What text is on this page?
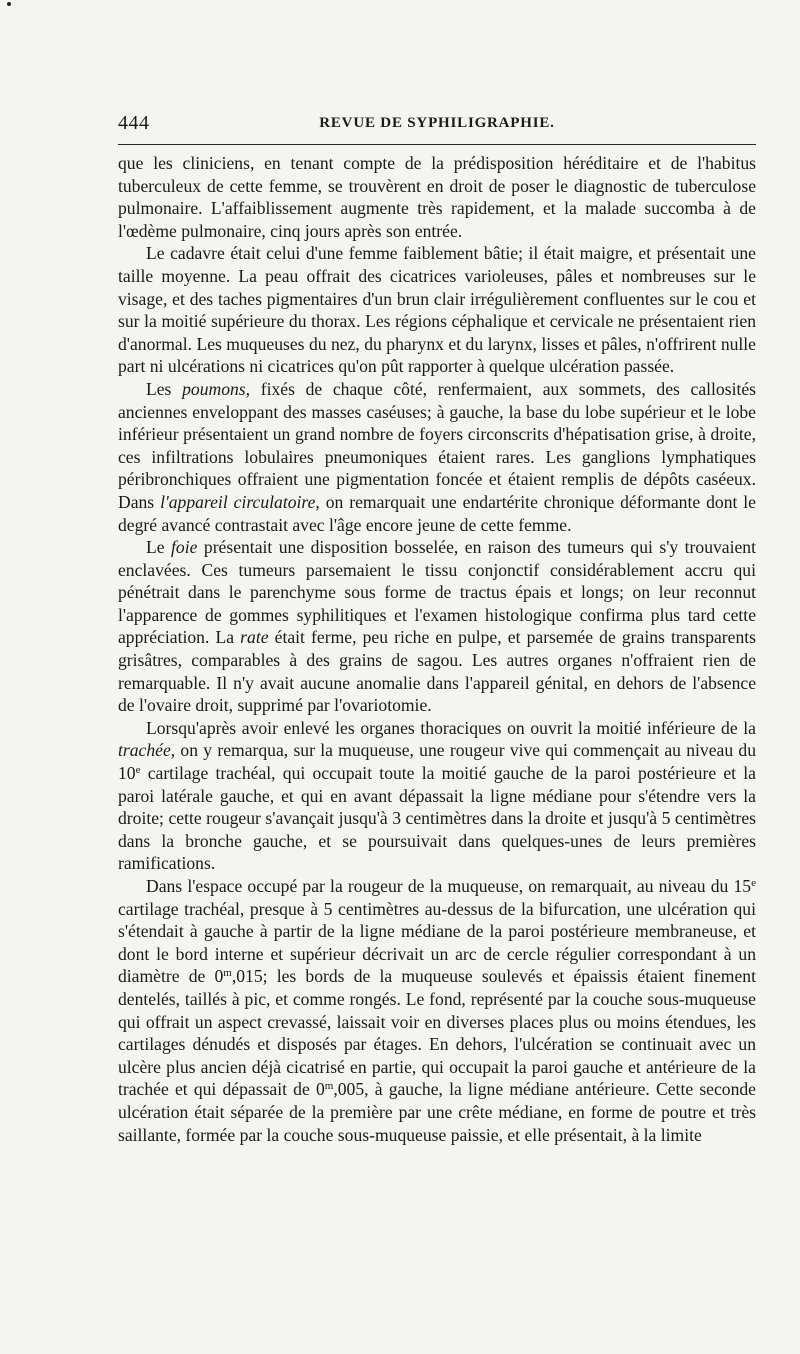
444	REVUE DE SYPHILIGRAPHIE.

que les cliniciens, en tenant compte de la prédisposition héréditaire et de l'habitus tuberculeux de cette femme, se trouvèrent en droit de poser le diagnostic de tuberculose pulmonaire. L'affaiblissement augmente très rapidement, et la malade succomba à de l'œdème pulmonaire, cinq jours après son entrée.

Le cadavre était celui d'une femme faiblement bâtie; il était maigre, et présentait une taille moyenne. La peau offrait des cicatrices varioleuses, pâles et nombreuses sur le visage, et des taches pigmentaires d'un brun clair irrégulièrement confluentes sur le cou et sur la moitié supérieure du thorax. Les régions céphalique et cervicale ne présentaient rien d'anormal. Les muqueuses du nez, du pharynx et du larynx, lisses et pâles, n'offrirent nulle part ni ulcérations ni cicatrices qu'on pût rapporter à quelque ulcération passée.

Les poumons, fixés de chaque côté, renfermaient, aux sommets, des callosités anciennes enveloppant des masses caséuses; à gauche, la base du lobe supérieur et le lobe inférieur présentaient un grand nombre de foyers circonscrits d'hépatisation grise, à droite, ces infiltrations lobulaires pneumoniques étaient rares. Les ganglions lymphatiques péribronchiques offraient une pigmentation foncée et étaient remplis de dépôts caséeux. Dans l'appareil circulatoire, on remarquait une endartérite chronique déformante dont le degré avancé contrastait avec l'âge encore jeune de cette femme.

Le foie présentait une disposition bosselée, en raison des tumeurs qui s'y trouvaient enclavées. Ces tumeurs parsemaient le tissu conjonctif considérablement accru qui pénétrait dans le parenchyme sous forme de tractus épais et longs; on leur reconnut l'apparence de gommes syphilitiques et l'examen histologique confirma plus tard cette appréciation. La rate était ferme, peu riche en pulpe, et parsemée de grains transparents grisâtres, comparables à des grains de sagou. Les autres organes n'offraient rien de remarquable. Il n'y avait aucune anomalie dans l'appareil génital, en dehors de l'absence de l'ovaire droit, supprimé par l'ovariotomie.

Lorsqu'après avoir enlevé les organes thoraciques on ouvrit la moitié inférieure de la trachée, on y remarqua, sur la muqueuse, une rougeur vive qui commençait au niveau du 10e cartilage trachéal, qui occupait toute la moitié gauche de la paroi postérieure et la paroi latérale gauche, et qui en avant dépassait la ligne médiane pour s'étendre vers la droite; cette rougeur s'avançait jusqu'à 3 centimètres dans la droite et jusqu'à 5 centimètres dans la bronche gauche, et se poursuivait dans quelques-unes de leurs premières ramifications.

Dans l'espace occupé par la rougeur de la muqueuse, on remarquait, au niveau du 15e cartilage trachéal, presque à 5 centimètres au-dessus de la bifurcation, une ulcération qui s'étendait à gauche à partir de la ligne médiane de la paroi postérieure membraneuse, et dont le bord interne et supérieur décrivait un arc de cercle régulier correspondant à un diamètre de 0$^m$,015; les bords de la muqueuse soulevés et épaissis étaient finement dentelés, taillés à pic, et comme rongés. Le fond, représenté par la couche sous-muqueuse qui offrait un aspect crevassé, laissait voir en diverses places plus ou moins étendues, les cartilages dénudés et disposés par étages. En dehors, l'ulcération se continuait avec un ulcère plus ancien déjà cicatrisé en partie, qui occupait la paroi gauche et antérieure de la trachée et qui dépassait de 0$^m$,005, à gauche, la ligne médiane antérieure. Cette seconde ulcération était séparée de la première par une crête médiane, en forme de poutre et très saillante, formée par la couche sous-muqueuse paissie, et elle présentait, à la limite
